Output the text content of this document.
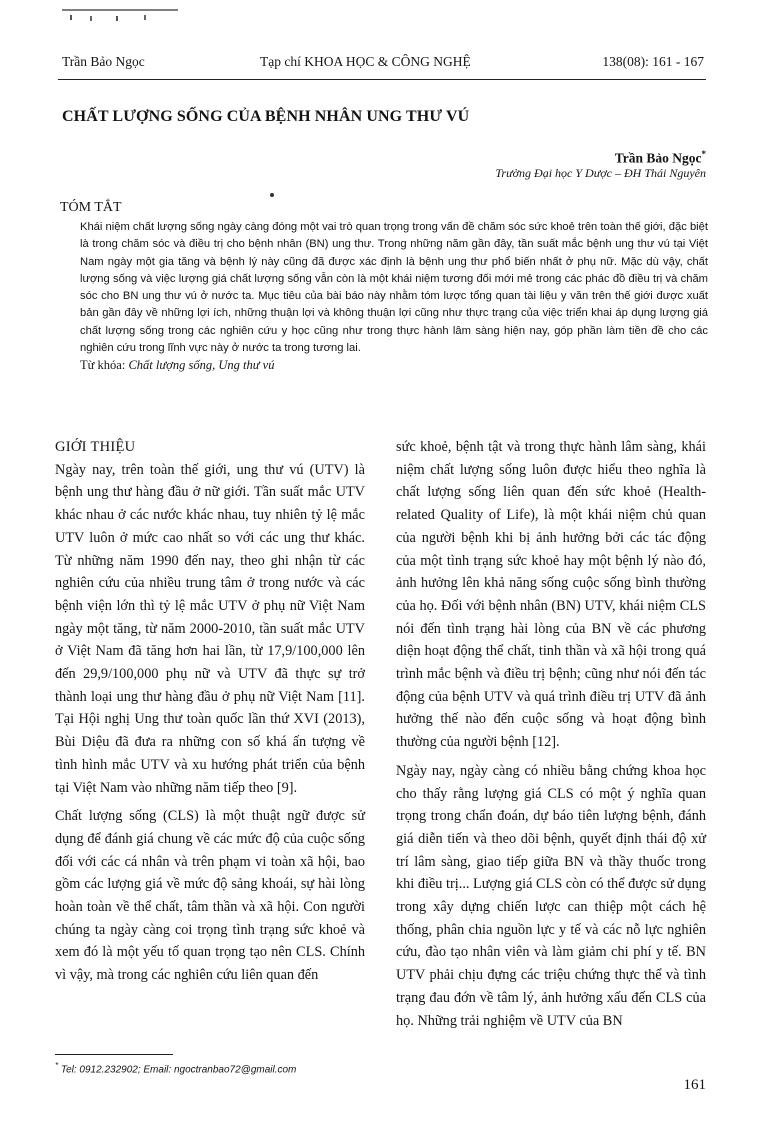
Trần Bảo Ngọc	Tạp chí KHOA HỌC & CÔNG NGHỆ	138(08): 161 - 167
CHẤT LƯỢNG SỐNG CỦA BỆNH NHÂN UNG THƯ VÚ
Trần Bảo Ngọc*
Trường Đại học Y Dược – ĐH Thái Nguyên
TÓM TẮT

Khái niệm chất lượng sống ngày càng đóng một vai trò quan trọng trong vấn đề chăm sóc sức khoẻ trên toàn thế giới, đặc biệt là trong chăm sóc và điều trị cho bệnh nhân (BN) ung thư. Trong những năm gần đây, tần suất mắc bệnh ung thư vú tại Việt Nam ngày một gia tăng và bệnh lý này cũng đã được xác định là bệnh ung thư phổ biến nhất ở phụ nữ. Mặc dù vậy, chất lượng sống và việc lượng giá chất lượng sống vẫn còn là một khái niệm tương đối mới mẻ trong các phác đồ điều trị và chăm sóc cho BN ung thư vú ở nước ta. Mục tiêu của bài báo này nhằm tóm lược tổng quan tài liệu y văn trên thế giới được xuất bản gần đây về những lợi ích, những thuận lợi và không thuận lợi cũng như thực trạng của việc triển khai áp dụng lượng giá chất lượng sống trong các nghiên cứu y học cũng như trong thực hành lâm sàng hiện nay, góp phần làm tiền đề cho các nghiên cứu trong lĩnh vực này ở nước ta trong tương lai.

Từ khóa: Chất lượng sống, Ung thư vú

GIỚI THIỆU

Ngày nay, trên toàn thế giới, ung thư vú (UTV) là bệnh ung thư hàng đầu ở nữ giới. Tần suất mắc UTV khác nhau ở các nước khác nhau, tuy nhiên tỷ lệ mắc UTV luôn ở mức cao nhất so với các ung thư khác. Từ những năm 1990 đến nay, theo ghi nhận từ các nghiên cứu của nhiều trung tâm ở trong nước và các bệnh viện lớn thì tỷ lệ mắc UTV ở phụ nữ Việt Nam ngày một tăng, từ năm 2000-2010, tần suất mắc UTV ở Việt Nam đã tăng hơn hai lần, từ 17,9/100,000 lên đến 29,9/100,000 phụ nữ và UTV đã thực sự trở thành loại ung thư hàng đầu ở phụ nữ Việt Nam [11]. Tại Hội nghị Ung thư toàn quốc lần thứ XVI (2013), Bùi Diệu đã đưa ra những con số khá ấn tượng về tình hình mắc UTV và xu hướng phát triển của bệnh tại Việt Nam vào những năm tiếp theo [9].

Chất lượng sống (CLS) là một thuật ngữ được sử dụng để đánh giá chung về các mức độ của cuộc sống đối với các cá nhân và trên phạm vi toàn xã hội, bao gồm các lượng giá về mức độ sảng khoái, sự hài lòng hoàn toàn về thể chất, tâm thần và xã hội. Con người chúng ta ngày càng coi trọng tình trạng sức khoẻ và xem đó là một yếu tố quan trọng tạo nên CLS. Chính vì vậy, mà trong các nghiên cứu liên quan đến

sức khoẻ, bệnh tật và trong thực hành lâm sàng, khái niệm chất lượng sống luôn được hiểu theo nghĩa là chất lượng sống liên quan đến sức khoẻ (Health-related Quality of Life), là một khái niệm chủ quan của người bệnh khi bị ảnh hưởng bởi các tác động của một tình trạng sức khoẻ hay một bệnh lý nào đó, ảnh hưởng lên khả năng sống cuộc sống bình thường của họ. Đối với bệnh nhân (BN) UTV, khái niệm CLS nói đến tình trạng hài lòng của BN về các phương diện hoạt động thể chất, tinh thần và xã hội trong quá trình mắc bệnh và điều trị bệnh; cũng như nói đến tác động của bệnh UTV và quá trình điều trị UTV đã ảnh hưởng thế nào đến cuộc sống và hoạt động bình thường của người bệnh [12].

Ngày nay, ngày càng có nhiều bằng chứng khoa học cho thấy rằng lượng giá CLS có một ý nghĩa quan trọng trong chẩn đoán, dự báo tiên lượng bệnh, đánh giá diễn tiến và theo dõi bệnh, quyết định thái độ xử trí lâm sàng, giao tiếp giữa BN và thầy thuốc trong khi điều trị... Lượng giá CLS còn có thể được sử dụng trong xây dựng chiến lược can thiệp một cách hệ thống, phân chia nguồn lực y tế và các nỗ lực nghiên cứu, đào tạo nhân viên và làm giảm chi phí y tế. BN UTV phải chịu đựng các triệu chứng thực thể và tình trạng đau đớn về tâm lý, ảnh hưởng xấu đến CLS của họ. Những trải nghiệm về UTV của BN

* Tel: 0912.232902; Email: ngoctranbao72@gmail.com
161
